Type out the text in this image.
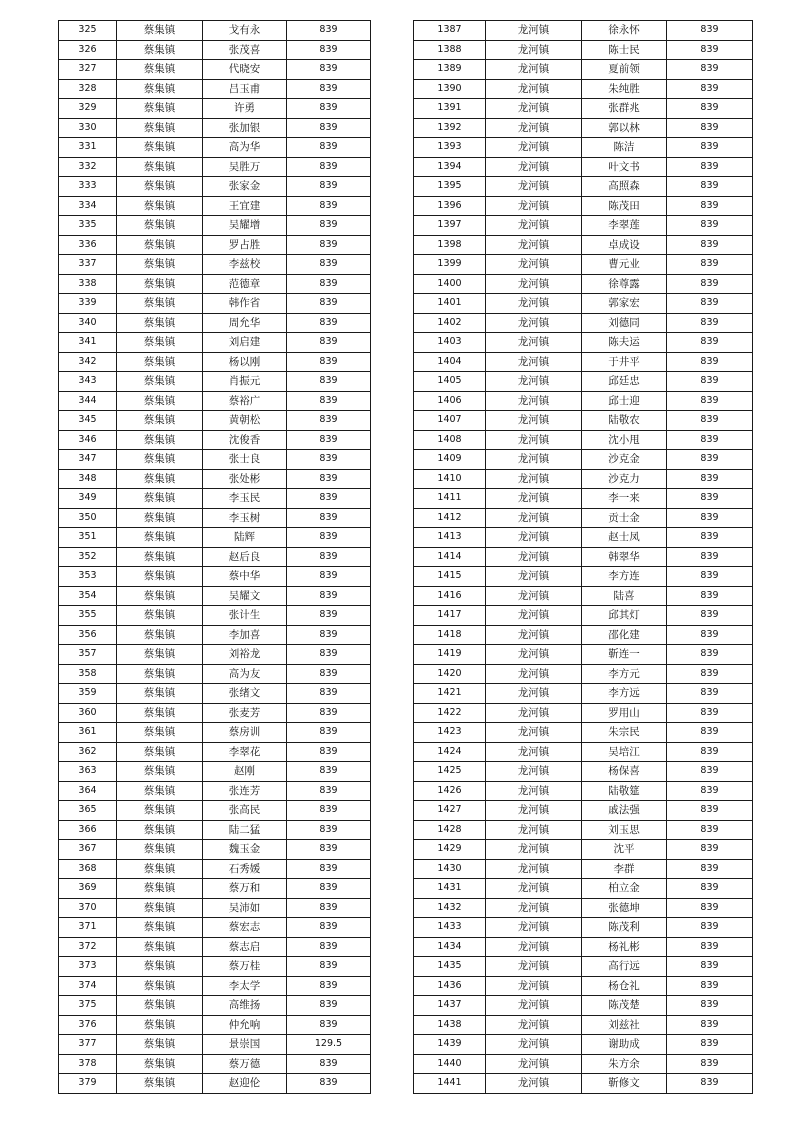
325	蔡集镇	戈有永	839
326	蔡集镇	张茂喜	839
327	蔡集镇	代晓安	839
328	蔡集镇	吕玉甫	839
329	蔡集镇	许勇	839
330	蔡集镇	张加银	839
331	蔡集镇	高为华	839
332	蔡集镇	吴胜万	839
333	蔡集镇	张家金	839
334	蔡集镇	王宜建	839
335	蔡集镇	吴耀增	839
336	蔡集镇	罗占胜	839
337	蔡集镇	李兹校	839
338	蔡集镇	范德章	839
339	蔡集镇	韩作省	839
340	蔡集镇	周允华	839
341	蔡集镇	刘启建	839
342	蔡集镇	杨以刚	839
343	蔡集镇	肖振元	839
344	蔡集镇	蔡裕广	839
345	蔡集镇	黄朝松	839
346	蔡集镇	沈俊香	839
347	蔡集镇	张士良	839
348	蔡集镇	张处彬	839
349	蔡集镇	李玉民	839
350	蔡集镇	李玉树	839
351	蔡集镇	陆辉	839
352	蔡集镇	赵后良	839
353	蔡集镇	蔡中华	839
354	蔡集镇	吴耀文	839
355	蔡集镇	张计生	839
356	蔡集镇	李加喜	839
357	蔡集镇	刘裕龙	839
358	蔡集镇	高为友	839
359	蔡集镇	张绪文	839
360	蔡集镇	张麦芳	839
361	蔡集镇	蔡房训	839
362	蔡集镇	李翠花	839
363	蔡集镇	赵刚	839
364	蔡集镇	张连芳	839
365	蔡集镇	张高民	839
366	蔡集镇	陆二猛	839
367	蔡集镇	魏玉金	839
368	蔡集镇	石秀媛	839
369	蔡集镇	蔡万和	839
370	蔡集镇	吴沛如	839
371	蔡集镇	蔡宏志	839
372	蔡集镇	蔡志启	839
373	蔡集镇	蔡万桂	839
374	蔡集镇	李太学	839
375	蔡集镇	高维扬	839
376	蔡集镇	仲允响	839
377	蔡集镇	景崇国	129.5
378	蔡集镇	蔡万德	839
379	蔡集镇	赵迎伦	839
1387	龙河镇	徐永怀	839
1388	龙河镇	陈士民	839
1389	龙河镇	夏前领	839
1390	龙河镇	朱纯胜	839
1391	龙河镇	张群兆	839
1392	龙河镇	郭以林	839
1393	龙河镇	陈洁	839
1394	龙河镇	叶文书	839
1395	龙河镇	高照森	839
1396	龙河镇	陈茂田	839
1397	龙河镇	李翠莲	839
1398	龙河镇	卓成设	839
1399	龙河镇	曹元业	839
1400	龙河镇	徐尊露	839
1401	龙河镇	郭家宏	839
1402	龙河镇	刘德同	839
1403	龙河镇	陈夫运	839
1404	龙河镇	于井平	839
1405	龙河镇	邱廷忠	839
1406	龙河镇	邱士迎	839
1407	龙河镇	陆敬农	839
1408	龙河镇	沈小甩	839
1409	龙河镇	沙克金	839
1410	龙河镇	沙克力	839
1411	龙河镇	李一来	839
1412	龙河镇	贡士金	839
1413	龙河镇	赵士凤	839
1414	龙河镇	韩翠华	839
1415	龙河镇	李方连	839
1416	龙河镇	陆喜	839
1417	龙河镇	邱其灯	839
1418	龙河镇	邵化建	839
1419	龙河镇	靳连一	839
1420	龙河镇	李方元	839
1421	龙河镇	李方远	839
1422	龙河镇	罗用山	839
1423	龙河镇	朱宗民	839
1424	龙河镇	吴培江	839
1425	龙河镇	杨保喜	839
1426	龙河镇	陆敬筵	839
1427	龙河镇	戚法强	839
1428	龙河镇	刘玉思	839
1429	龙河镇	沈平	839
1430	龙河镇	李群	839
1431	龙河镇	柏立金	839
1432	龙河镇	张德坤	839
1433	龙河镇	陈茂利	839
1434	龙河镇	杨礼彬	839
1435	龙河镇	高行远	839
1436	龙河镇	杨仓礼	839
1437	龙河镇	陈茂楚	839
1438	龙河镇	刘兹社	839
1439	龙河镇	谢助成	839
1440	龙河镇	朱方余	839
1441	龙河镇	靳修文	839
